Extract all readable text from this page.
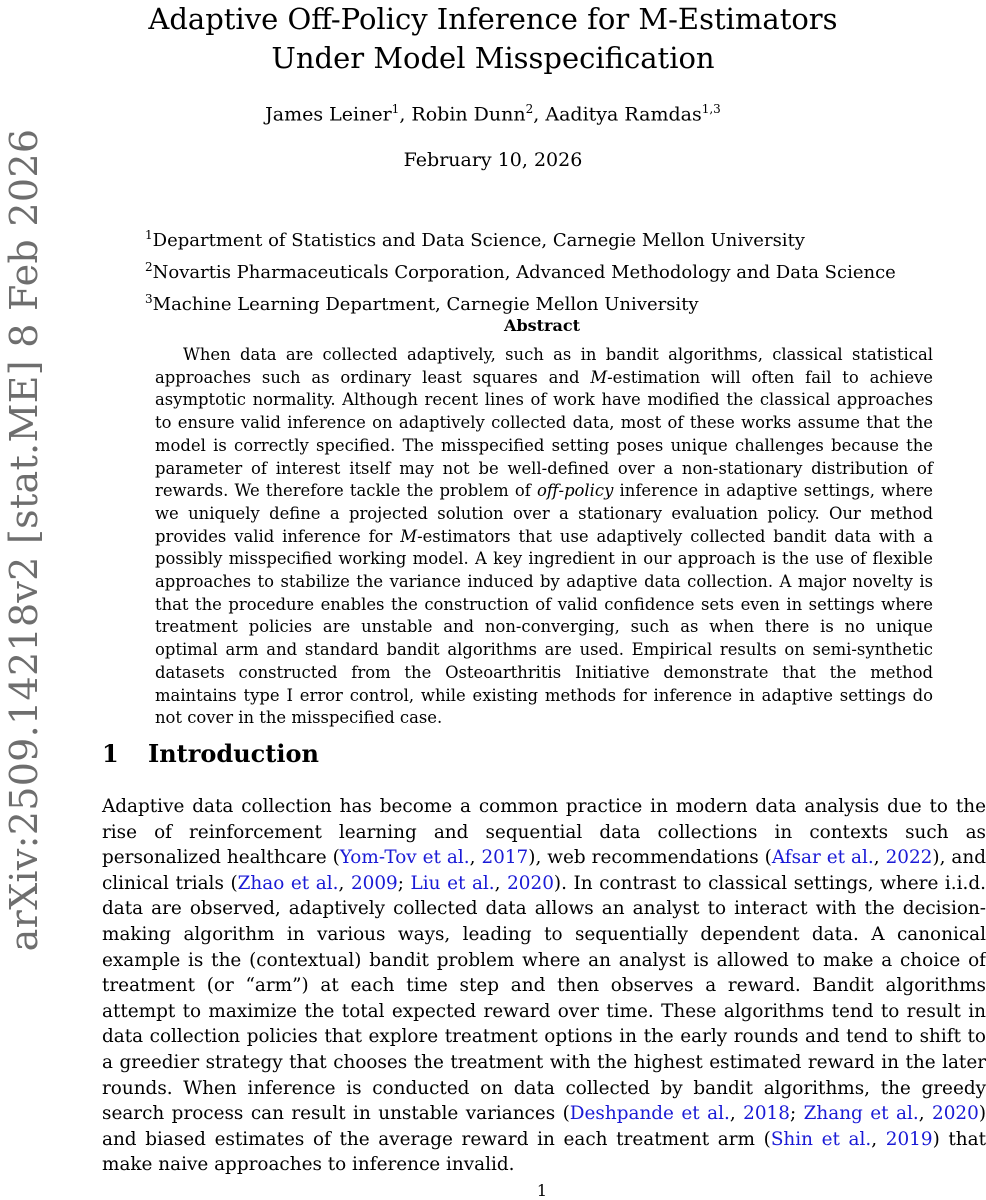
arXiv:2509.14218v2 [stat.ME] 8 Feb 2026
Adaptive Off-Policy Inference for M-Estimators
Under Model Misspecification
James Leiner$^1$, Robin Dunn$^2$, Aaditya Ramdas$^{1,3}$
February 10, 2026
$^1$Department of Statistics and Data Science, Carnegie Mellon University
$^2$Novartis Pharmaceuticals Corporation, Advanced Methodology and Data Science
$^3$Machine Learning Department, Carnegie Mellon University
Abstract
When data are collected adaptively, such as in bandit algorithms, classical statistical approaches such as ordinary least squares and M-estimation will often fail to achieve asymptotic normality. Although recent lines of work have modified the classical approaches to ensure valid inference on adaptively collected data, most of these works assume that the model is correctly specified. The misspecified setting poses unique challenges because the parameter of interest itself may not be well-defined over a non-stationary distribution of rewards. We therefore tackle the problem of off-policy inference in adaptive settings, where we uniquely define a projected solution over a stationary evaluation policy. Our method provides valid inference for M-estimators that use adaptively collected bandit data with a possibly misspecified working model. A key ingredient in our approach is the use of flexible approaches to stabilize the variance induced by adaptive data collection. A major novelty is that the procedure enables the construction of valid confidence sets even in settings where treatment policies are unstable and non-converging, such as when there is no unique optimal arm and standard bandit algorithms are used. Empirical results on semi-synthetic datasets constructed from the Osteoarthritis Initiative demonstrate that the method maintains type I error control, while existing methods for inference in adaptive settings do not cover in the misspecified case.
1 Introduction
Adaptive data collection has become a common practice in modern data analysis due to the rise of reinforcement learning and sequential data collections in contexts such as personalized healthcare (Yom-Tov et al., 2017), web recommendations (Afsar et al., 2022), and clinical trials (Zhao et al., 2009; Liu et al., 2020). In contrast to classical settings, where i.i.d. data are observed, adaptively collected data allows an analyst to interact with the decision-making algorithm in various ways, leading to sequentially dependent data. A canonical example is the (contextual) bandit problem where an analyst is allowed to make a choice of treatment (or “arm”) at each time step and then observes a reward. Bandit algorithms attempt to maximize the total expected reward over time. These algorithms tend to result in data collection policies that explore treatment options in the early rounds and tend to shift to a greedier strategy that chooses the treatment with the highest estimated reward in the later rounds. When inference is conducted on data collected by bandit algorithms, the greedy search process can result in unstable variances (Deshpande et al., 2018; Zhang et al., 2020) and biased estimates of the average reward in each treatment arm (Shin et al., 2019) that make naive approaches to inference invalid.
1
